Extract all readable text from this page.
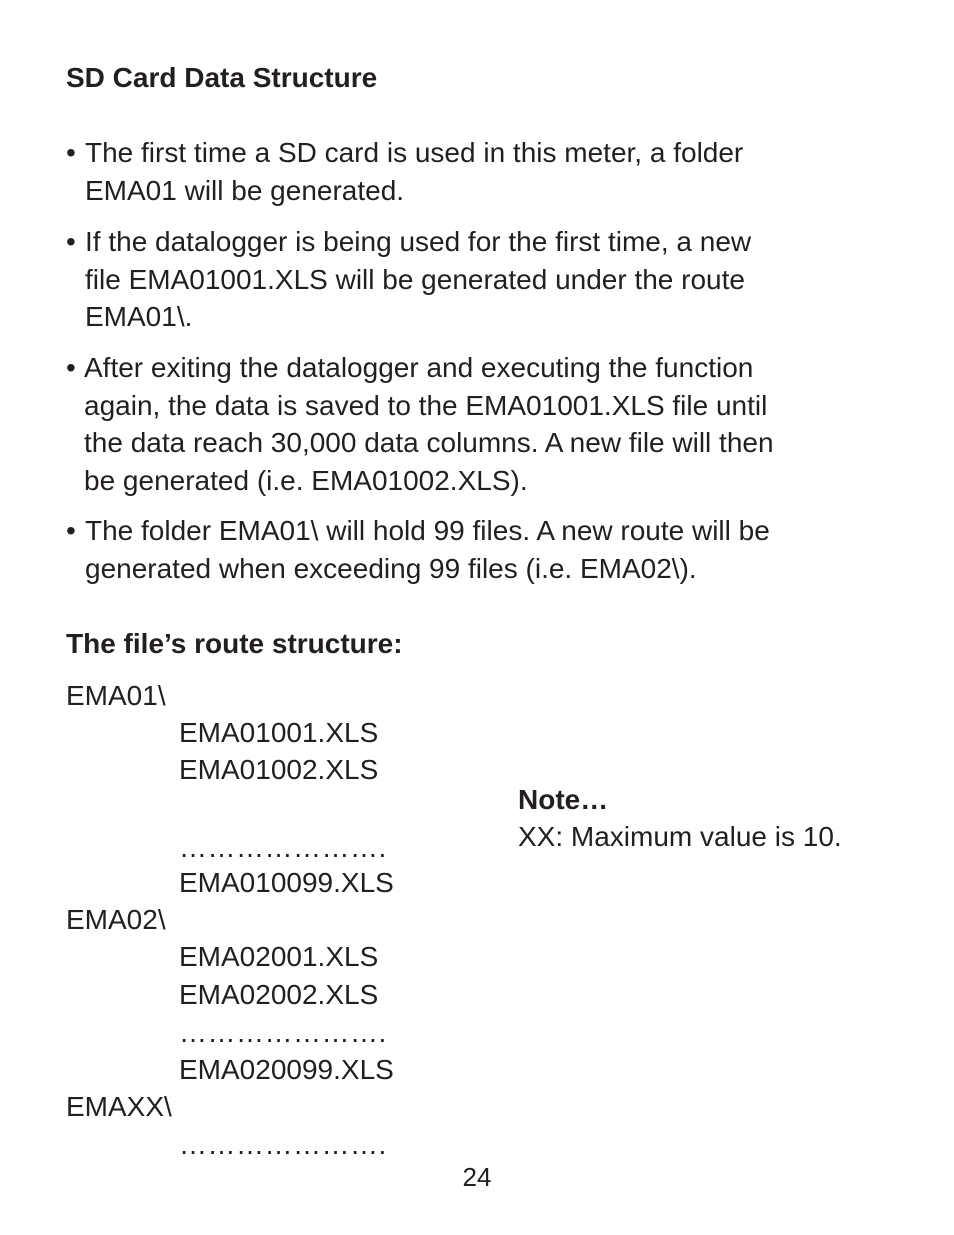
SD Card Data Structure
• The first time a SD card is used in this meter, a folder
EMA01 will be generated.
• If the datalogger is being used for the first time, a new
file EMA01001.XLS will be generated under the route
EMA01\.
• After exiting the datalogger and executing the function
again, the data is saved to the EMA01001.XLS file until
the data reach 30,000 data columns. A new file will then
be generated (i.e. EMA01002.XLS).
• The folder EMA01\ will hold 99 files. A new route will be
generated when exceeding 99 files (i.e. EMA02\).
The file’s route structure:
EMA01\
EMA01001.XLS
EMA01002.XLS
………………….
EMA010099.XLS
EMA02\
EMA02001.XLS
EMA02002.XLS
………………….
EMA020099.XLS
EMAXX\
………………….
Note…
XX: Maximum value is 10.
24
